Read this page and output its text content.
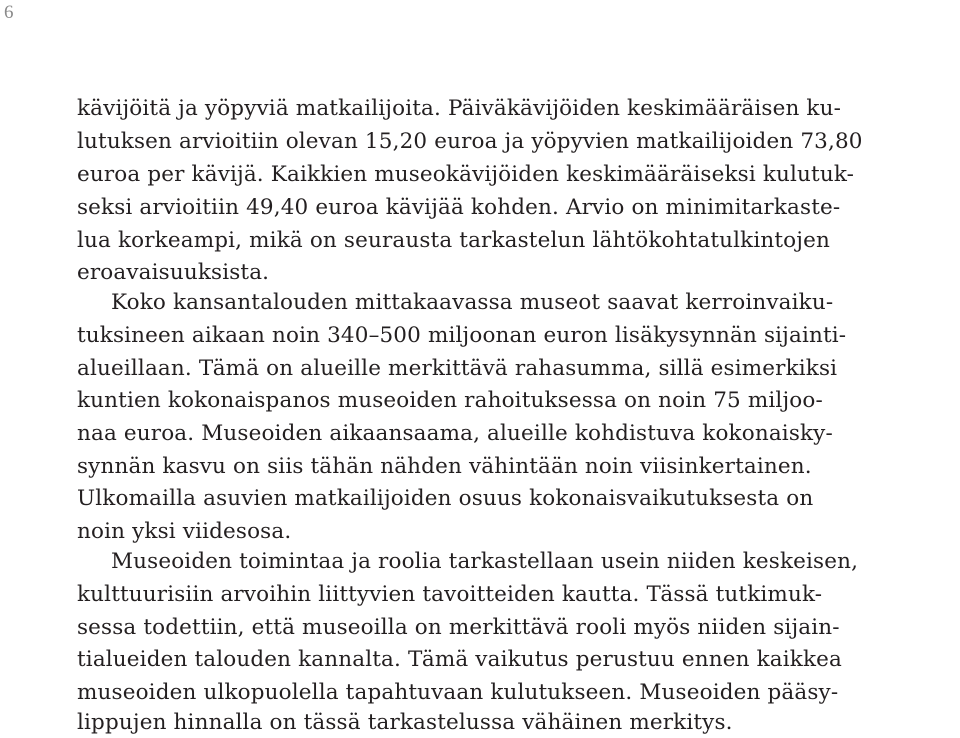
6
kävijöitä ja yöpyviä matkailijoita. Päiväkävijöiden keskimääräisen ku-
lutuksen arvioitiin olevan 15,20 euroa ja yöpyvien matkailijoiden 73,80
euroa per kävijä. Kaikkien museokävijöiden keskimääräiseksi kulutuk-
seksi arvioitiin 49,40 euroa kävijää kohden. Arvio on minimitarkaste-
lua korkeampi, mikä on seurausta tarkastelun lähtökohtatulkintojen
eroavaisuuksista.
Koko kansantalouden mittakaavassa museot saavat kerroinvaiku-
tuksineen aikaan noin 340–500 miljoonan euron lisäkysynnän sijainti-
alueillaan. Tämä on alueille merkittävä rahasumma, sillä esimerkiksi
kuntien kokonaispanos museoiden rahoituksessa on noin 75 miljoo-
naa euroa. Museoiden aikaansaama, alueille kohdistuva kokonaisky-
synnän kasvu on siis tähän nähden vähintään noin viisinkertainen.
Ulkomailla asuvien matkailijoiden osuus kokonaisvaikutuksesta on
noin yksi viidesosa.
Museoiden toimintaa ja roolia tarkastellaan usein niiden keskeisen,
kulttuurisiin arvoihin liittyvien tavoitteiden kautta. Tässä tutkimuk-
sessa todettiin, että museoilla on merkittävä rooli myös niiden sijain-
tialueiden talouden kannalta. Tämä vaikutus perustuu ennen kaikkea
museoiden ulkopuolella tapahtuvaan kulutukseen. Museoiden pääsy-
lippujen hinnalla on tässä tarkastelussa vähäinen merkitys.
